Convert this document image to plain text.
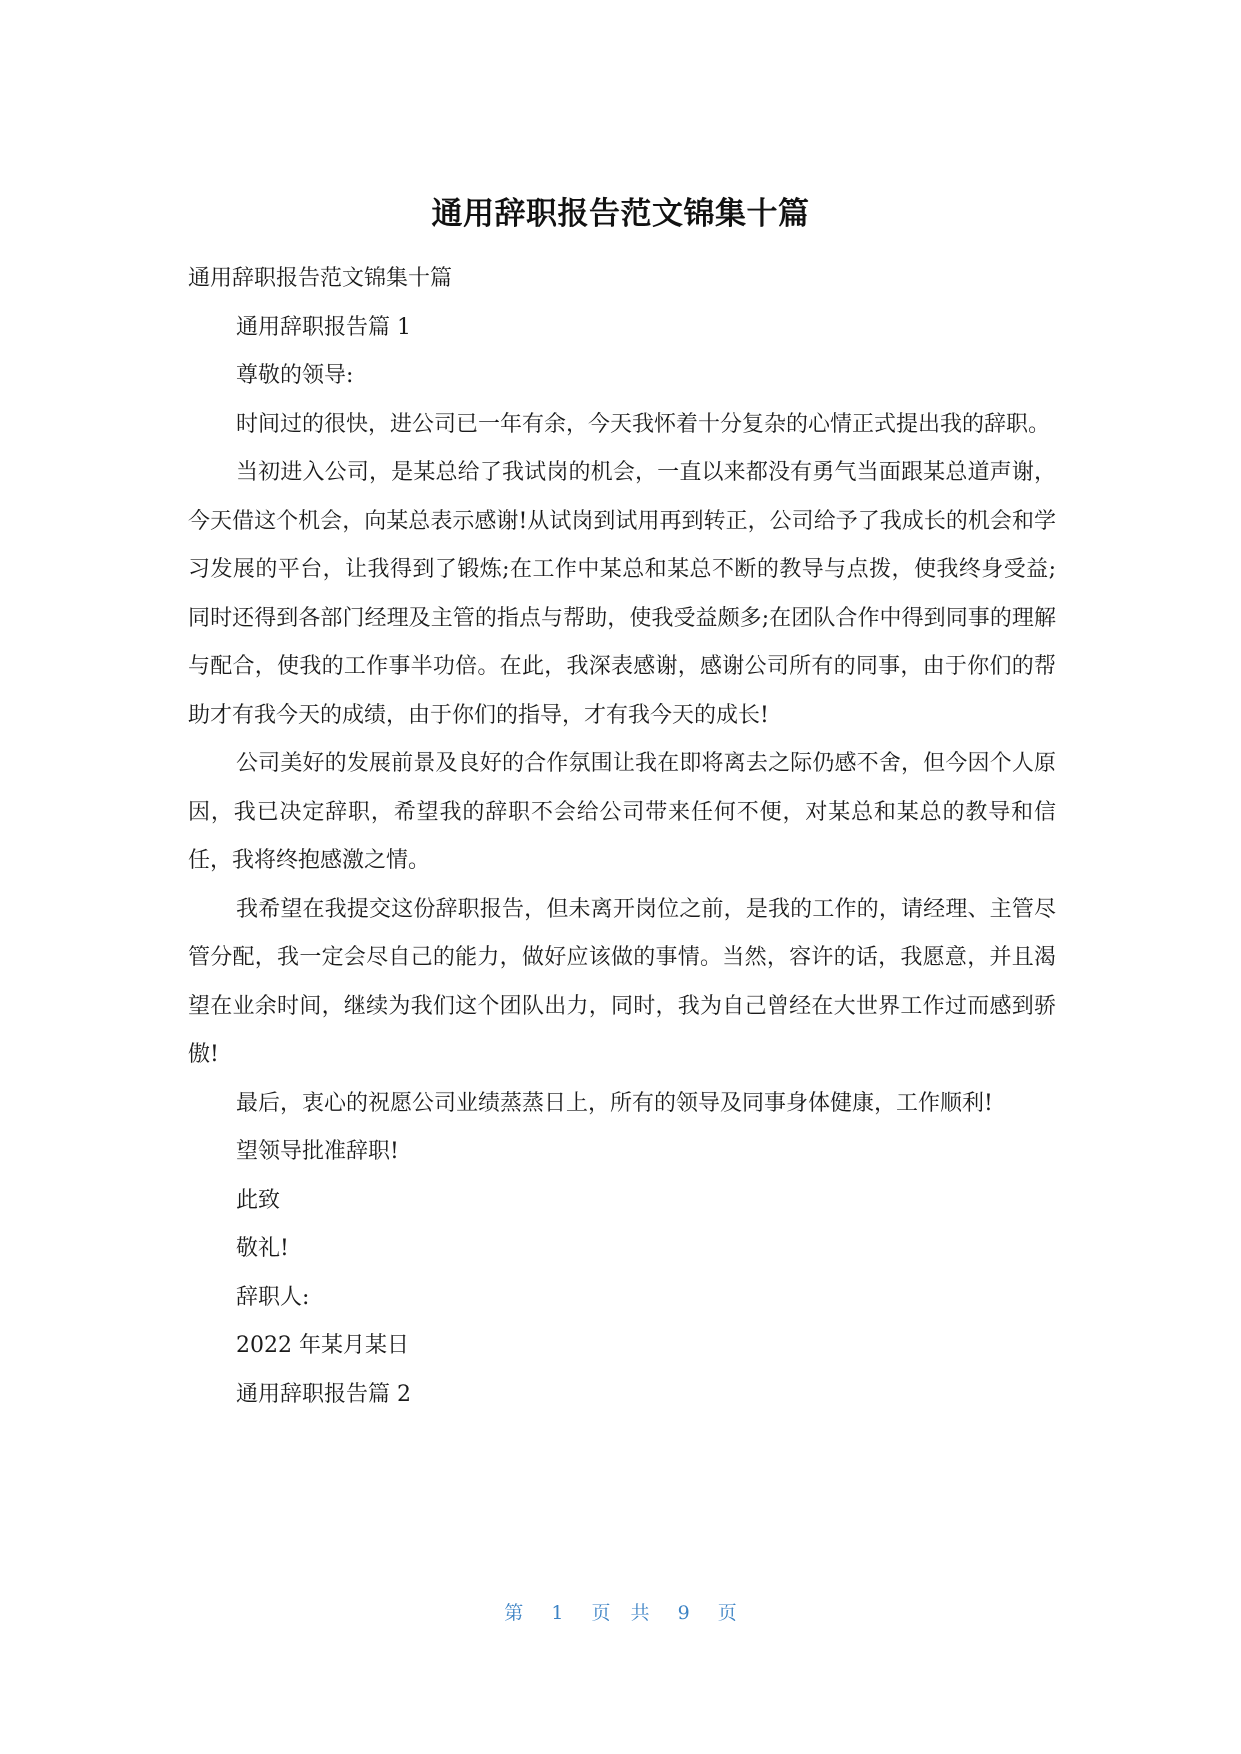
通用辞职报告范文锦集十篇

通用辞职报告范文锦集十篇

通用辞职报告篇 1

尊敬的领导:

时间过的很快，进公司已一年有余，今天我怀着十分复杂的心情正式提出我的辞职。

当初进入公司，是某总给了我试岗的机会，一直以来都没有勇气当面跟某总道声谢，今天借这个机会，向某总表示感谢!从试岗到试用再到转正，公司给予了我成长的机会和学习发展的平台，让我得到了锻炼;在工作中某总和某总不断的教导与点拨，使我终身受益;同时还得到各部门经理及主管的指点与帮助，使我受益颇多;在团队合作中得到同事的理解与配合，使我的工作事半功倍。在此，我深表感谢，感谢公司所有的同事，由于你们的帮助才有我今天的成绩，由于你们的指导，才有我今天的成长!

公司美好的发展前景及良好的合作氛围让我在即将离去之际仍感不舍，但今因个人原因，我已决定辞职，希望我的辞职不会给公司带来任何不便，对某总和某总的教导和信任，我将终抱感激之情。

我希望在我提交这份辞职报告，但未离开岗位之前，是我的工作的，请经理、主管尽管分配，我一定会尽自己的能力，做好应该做的事情。当然，容许的话，我愿意，并且渴望在业余时间，继续为我们这个团队出力，同时，我为自己曾经在大世界工作过而感到骄傲!

最后，衷心的祝愿公司业绩蒸蒸日上，所有的领导及同事身体健康，工作顺利!

望领导批准辞职!

此致

敬礼!

辞职人:

2022 年某月某日

通用辞职报告篇 2

第 1 页 共 9 页
